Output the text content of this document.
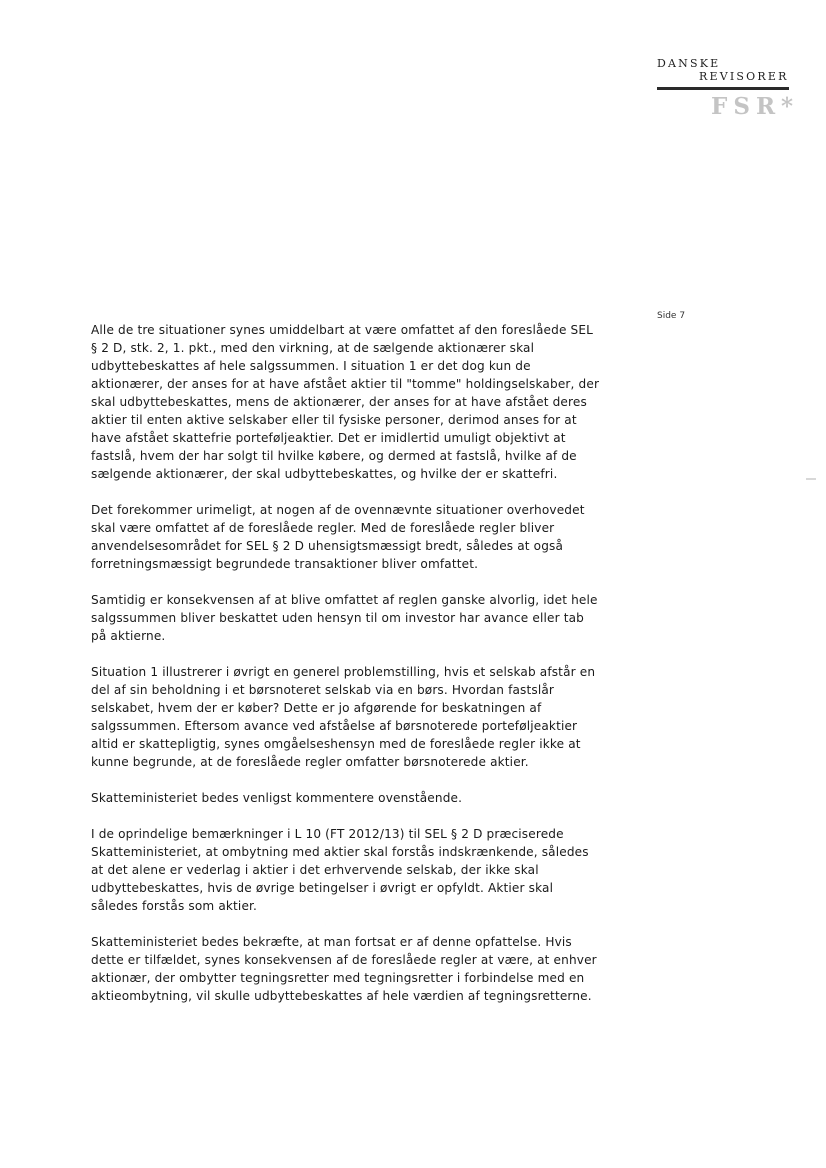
DANSKE
REVISORER
FSR*
Side 7

Alle de tre situationer synes umiddelbart at være omfattet af den foreslåede SEL
§ 2 D, stk. 2, 1. pkt., med den virkning, at de sælgende aktionærer skal
udbyttebeskattes af hele salgssummen. I situation 1 er det dog kun de
aktionærer, der anses for at have afstået aktier til "tomme" holdingselskaber, der
skal udbyttebeskattes, mens de aktionærer, der anses for at have afstået deres
aktier til enten aktive selskaber eller til fysiske personer, derimod anses for at
have afstået skattefrie porteføljeaktier. Det er imidlertid umuligt objektivt at
fastslå, hvem der har solgt til hvilke købere, og dermed at fastslå, hvilke af de
sælgende aktionærer, der skal udbyttebeskattes, og hvilke der er skattefri.

Det forekommer urimeligt, at nogen af de ovennævnte situationer overhovedet
skal være omfattet af de foreslåede regler. Med de foreslåede regler bliver
anvendelsesområdet for SEL § 2 D uhensigtsmæssigt bredt, således at også
forretningsmæssigt begrundede transaktioner bliver omfattet.

Samtidig er konsekvensen af at blive omfattet af reglen ganske alvorlig, idet hele
salgssummen bliver beskattet uden hensyn til om investor har avance eller tab
på aktierne.

Situation 1 illustrerer i øvrigt en generel problemstilling, hvis et selskab afstår en
del af sin beholdning i et børsnoteret selskab via en børs. Hvordan fastslår
selskabet, hvem der er køber? Dette er jo afgørende for beskatningen af
salgssummen. Eftersom avance ved afståelse af børsnoterede porteføljeaktier
altid er skattepligtig, synes omgåelseshensyn med de foreslåede regler ikke at
kunne begrunde, at de foreslåede regler omfatter børsnoterede aktier.

Skatteministeriet bedes venligst kommentere ovenstående.

I de oprindelige bemærkninger i L 10 (FT 2012/13) til SEL § 2 D præciserede
Skatteministeriet, at ombytning med aktier skal forstås indskrænkende, således
at det alene er vederlag i aktier i det erhvervende selskab, der ikke skal
udbyttebeskattes, hvis de øvrige betingelser i øvrigt er opfyldt. Aktier skal
således forstås som aktier.

Skatteministeriet bedes bekræfte, at man fortsat er af denne opfattelse. Hvis
dette er tilfældet, synes konsekvensen af de foreslåede regler at være, at enhver
aktionær, der ombytter tegningsretter med tegningsretter i forbindelse med en
aktieombytning, vil skulle udbyttebeskattes af hele værdien af tegningsretterne.
